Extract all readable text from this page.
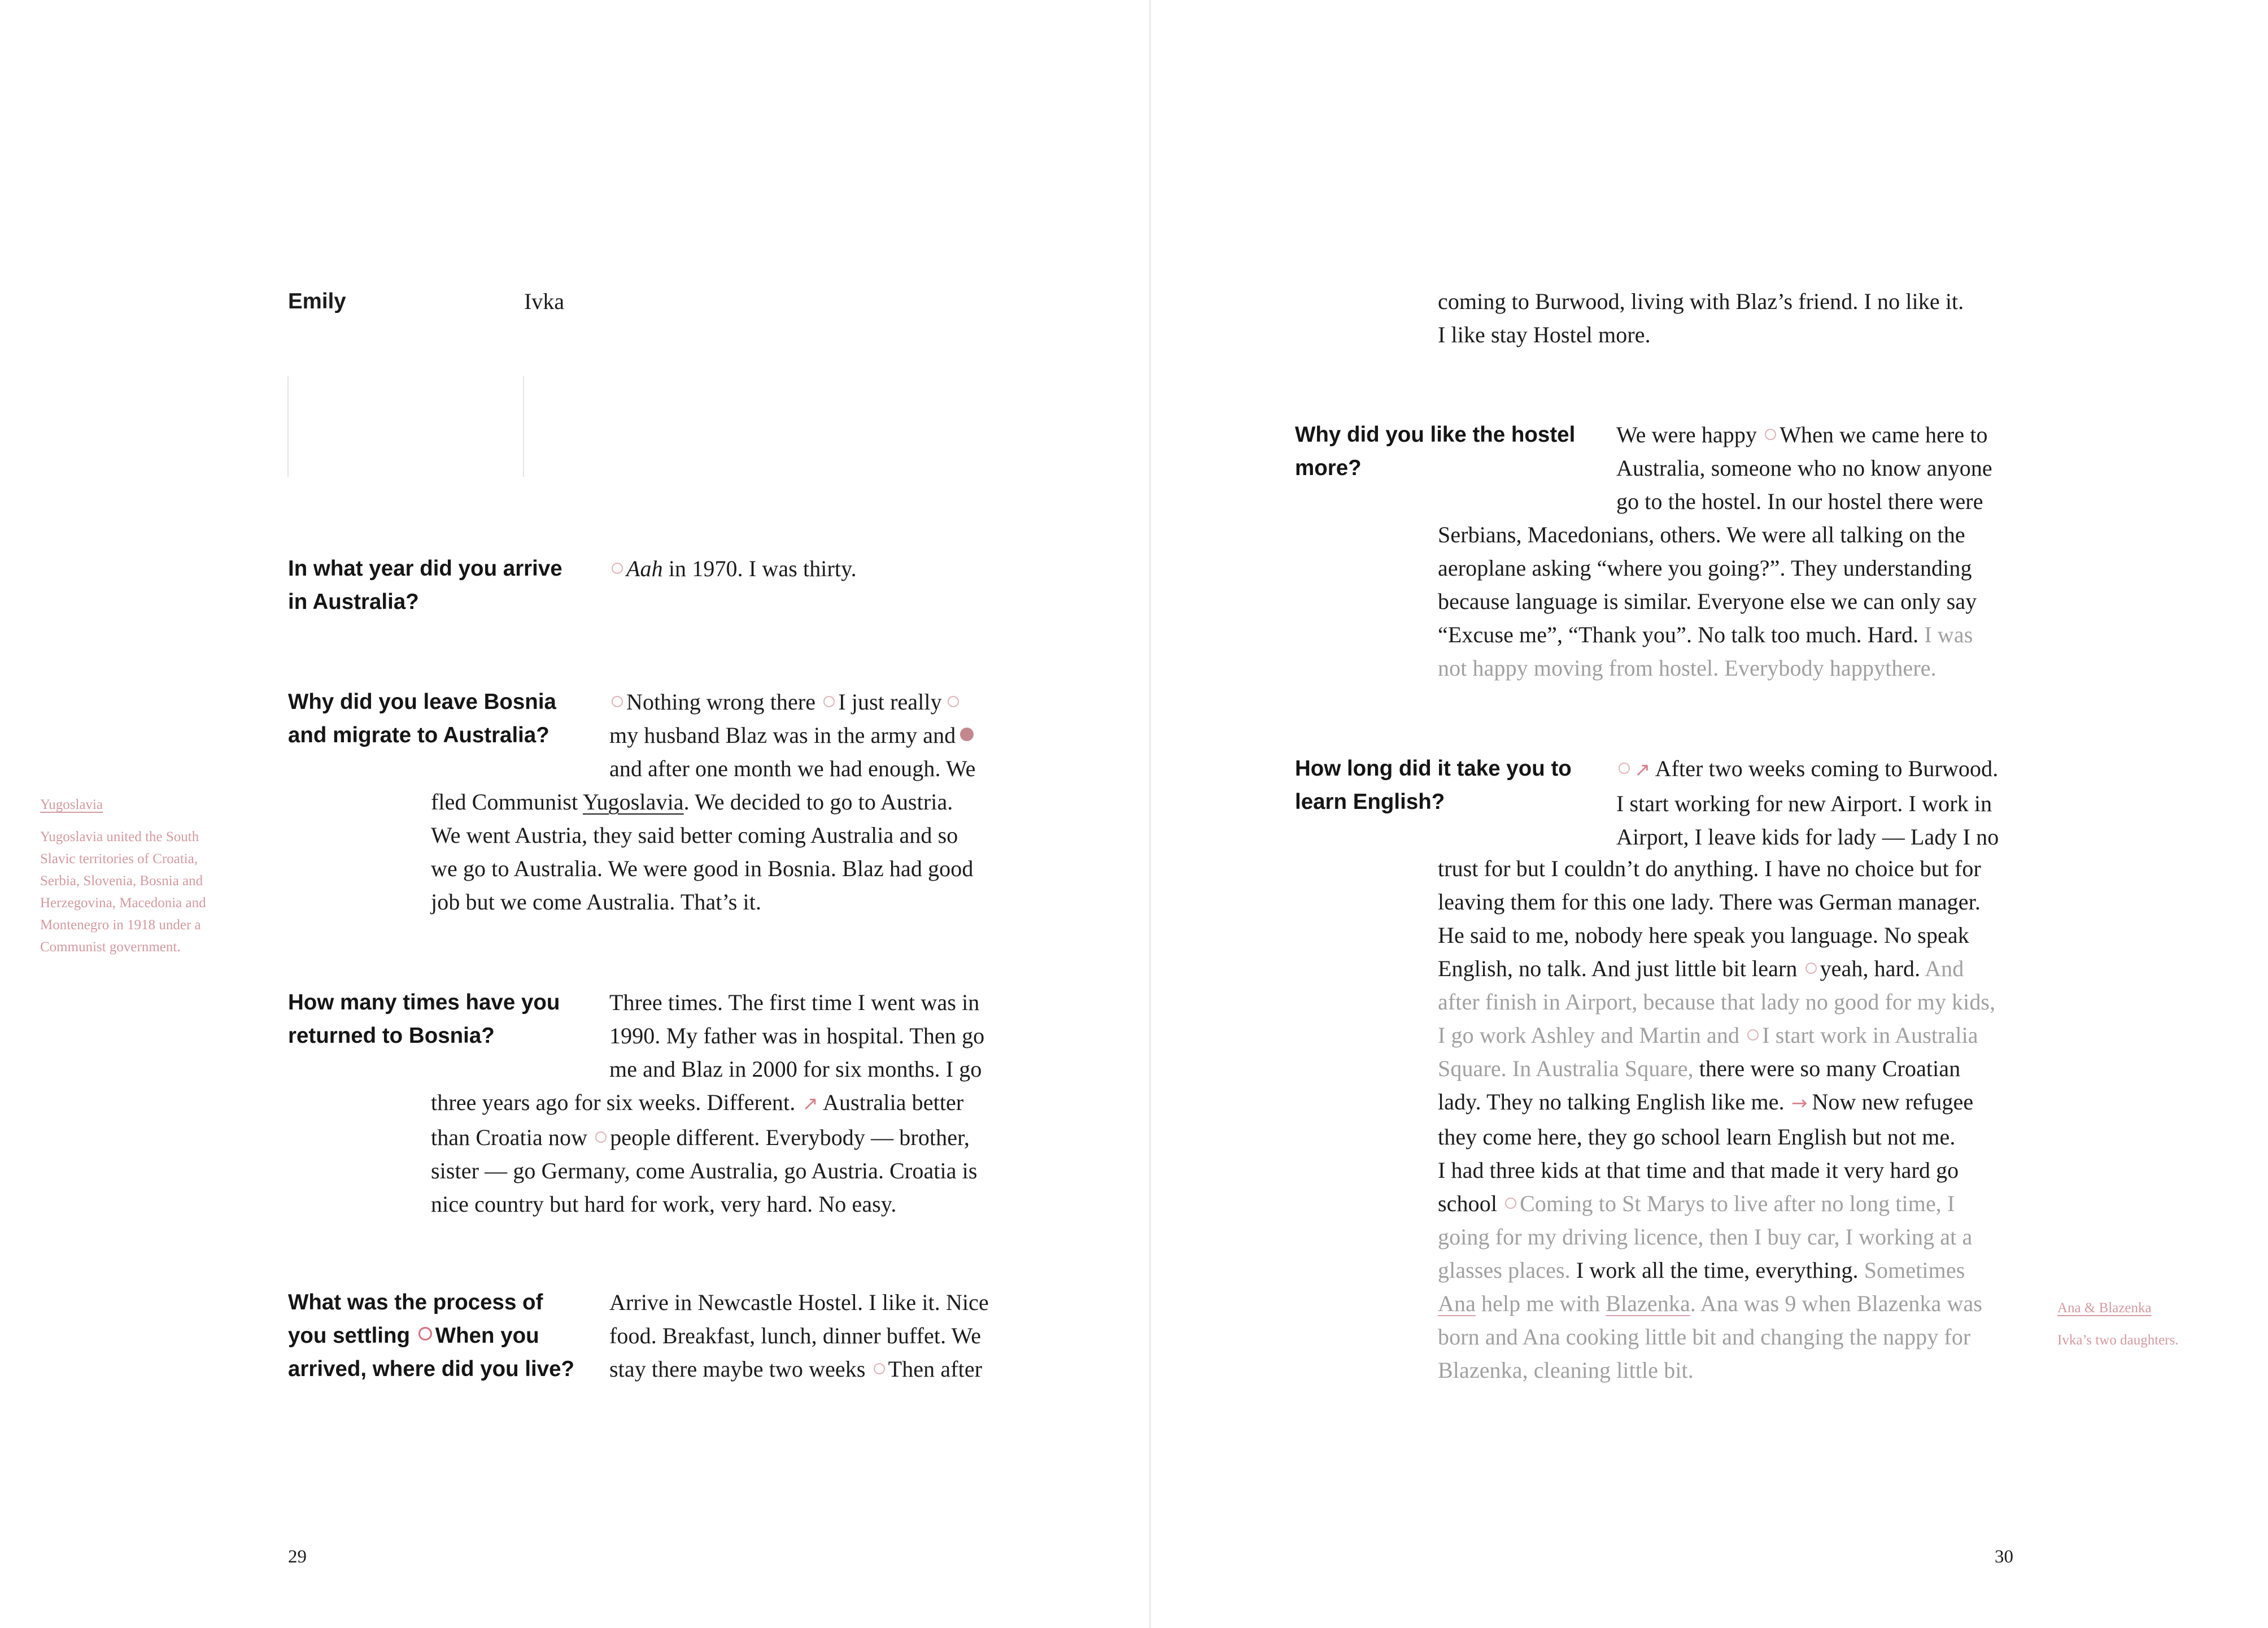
Emily	Ivka
In what year did you arrive
in Australia?
Aah in 1970. I was thirty.
Why did you leave Bosnia
and migrate to Australia?
Nothing wrong there I just really
my husband Blaz was in the army and
and after one month we had enough. We
fled Communist Yugoslavia. We decided to go to Austria.
We went Austria, they said better coming Australia and so
we go to Australia. We were good in Bosnia. Blaz had good
job but we come Australia. That’s it.
Yugoslavia
Yugoslavia united the South
Slavic territories of Croatia,
Serbia, Slovenia, Bosnia and
Herzegovina, Macedonia and
Montenegro in 1918 under a
Communist government.
How many times have you
returned to Bosnia?
Three times. The first time I went was in
1990. My father was in hospital. Then go
me and Blaz in 2000 for six months. I go
three years ago for six weeks. Different. ↗ Australia better
than Croatia now people different. Everybody — brother,
sister — go Germany, come Australia, go Austria. Croatia is
nice country but hard for work, very hard. No easy.
What was the process of
you settling When you
arrived, where did you live?
Arrive in Newcastle Hostel. I like it. Nice
food. Breakfast, lunch, dinner buffet. We
stay there maybe two weeks Then after
29
coming to Burwood, living with Blaz’s friend. I no like it.
I like stay Hostel more.
Why did you like the hostel
more?
We were happy When we came here to
Australia, someone who no know anyone
go to the hostel. In our hostel there were
Serbians, Macedonians, others. We were all talking on the
aeroplane asking “where you going?”. They understanding
because language is similar. Everyone else we can only say
“Excuse me”, “Thank you”. No talk too much. Hard. I was
not happy moving from hostel. Everybody happythere.
How long did it take you to
learn English?
↗ After two weeks coming to Burwood.
I start working for new Airport. I work in
Airport, I leave kids for lady — Lady I no
trust for but I couldn’t do anything. I have no choice but for
leaving them for this one lady. There was German manager.
He said to me, nobody here speak you language. No speak
English, no talk. And just little bit learn yeah, hard. And
after finish in Airport, because that lady no good for my kids,
I go work Ashley and Martin and I start work in Australia
Square. In Australia Square, there were so many Croatian
lady. They no talking English like me. → Now new refugee
they come here, they go school learn English but not me.
I had three kids at that time and that made it very hard go
school Coming to St Marys to live after no long time, I
going for my driving licence, then I buy car, I working at a
glasses places. I work all the time, everything. Sometimes
Ana help me with Blazenka. Ana was 9 when Blazenka was
born and Ana cooking little bit and changing the nappy for
Blazenka, cleaning little bit.
Ana & Blazenka
Ivka’s two daughters.
30
